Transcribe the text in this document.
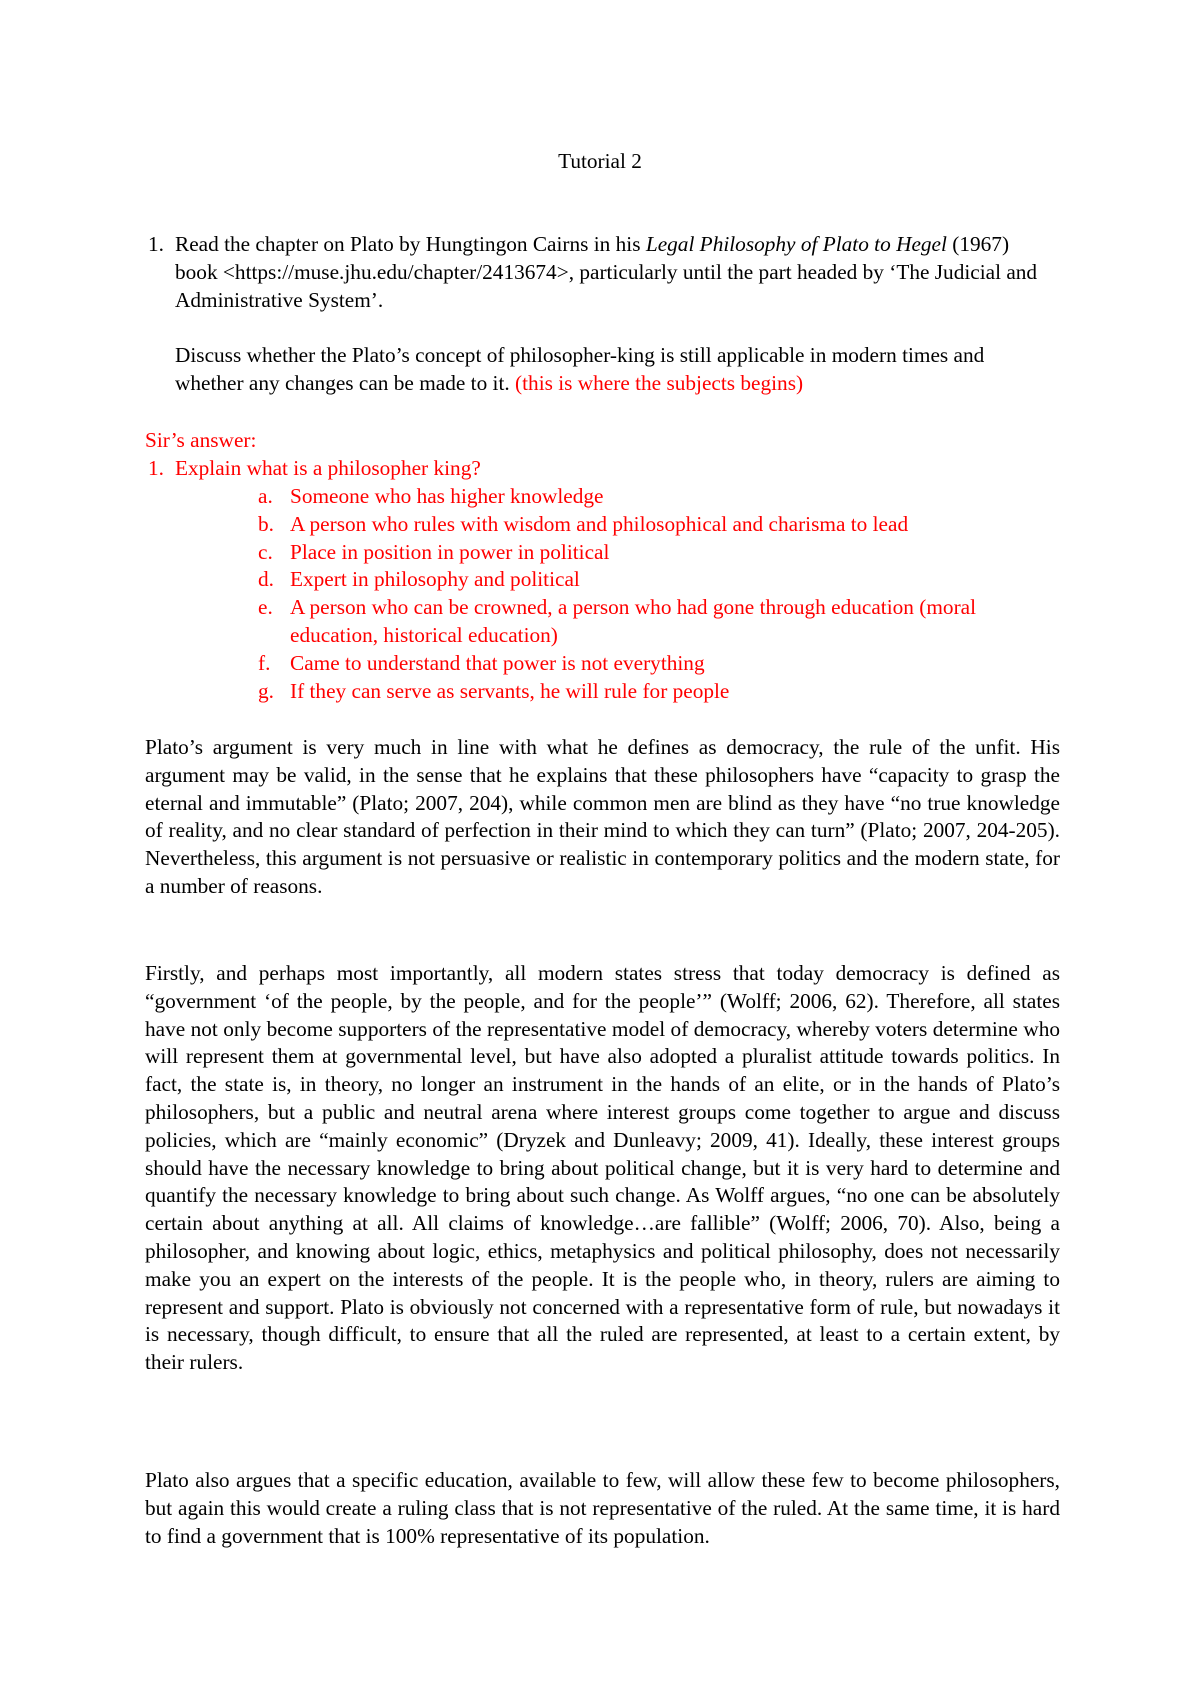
Tutorial 2
1. Read the chapter on Plato by Hungtingon Cairns in his Legal Philosophy of Plato to Hegel (1967) book <https://muse.jhu.edu/chapter/2413674>, particularly until the part headed by ‘The Judicial and Administrative System’.

Discuss whether the Plato’s concept of philosopher-king is still applicable in modern times and whether any changes can be made to it. (this is where the subjects begins)

Sir’s answer:

1. Explain what is a philosopher king?

a. Someone who has higher knowledge
b. A person who rules with wisdom and philosophical and charisma to lead
c. Place in position in power in political
d. Expert in philosophy and political
e. A person who can be crowned, a person who had gone through education (moral education, historical education)
f. Came to understand that power is not everything
g. If they can serve as servants, he will rule for people

Plato’s argument is very much in line with what he defines as democracy, the rule of the unfit. His argument may be valid, in the sense that he explains that these philosophers have “capacity to grasp the eternal and immutable” (Plato; 2007, 204), while common men are blind as they have “no true knowledge of reality, and no clear standard of perfection in their mind to which they can turn” (Plato; 2007, 204-205). Nevertheless, this argument is not persuasive or realistic in contemporary politics and the modern state, for a number of reasons.

Firstly, and perhaps most importantly, all modern states stress that today democracy is defined as “government ‘of the people, by the people, and for the people’” (Wolff; 2006, 62). Therefore, all states have not only become supporters of the representative model of democracy, whereby voters determine who will represent them at governmental level, but have also adopted a pluralist attitude towards politics. In fact, the state is, in theory, no longer an instrument in the hands of an elite, or in the hands of Plato’s philosophers, but a public and neutral arena where interest groups come together to argue and discuss policies, which are “mainly economic” (Dryzek and Dunleavy; 2009, 41). Ideally, these interest groups should have the necessary knowledge to bring about political change, but it is very hard to determine and quantify the necessary knowledge to bring about such change. As Wolff argues, “no one can be absolutely certain about anything at all. All claims of knowledge…are fallible” (Wolff; 2006, 70). Also, being a philosopher, and knowing about logic, ethics, metaphysics and political philosophy, does not necessarily make you an expert on the interests of the people. It is the people who, in theory, rulers are aiming to represent and support. Plato is obviously not concerned with a representative form of rule, but nowadays it is necessary, though difficult, to ensure that all the ruled are represented, at least to a certain extent, by their rulers.

Plato also argues that a specific education, available to few, will allow these few to become philosophers, but again this would create a ruling class that is not representative of the ruled. At the same time, it is hard to find a government that is 100% representative of its population.
